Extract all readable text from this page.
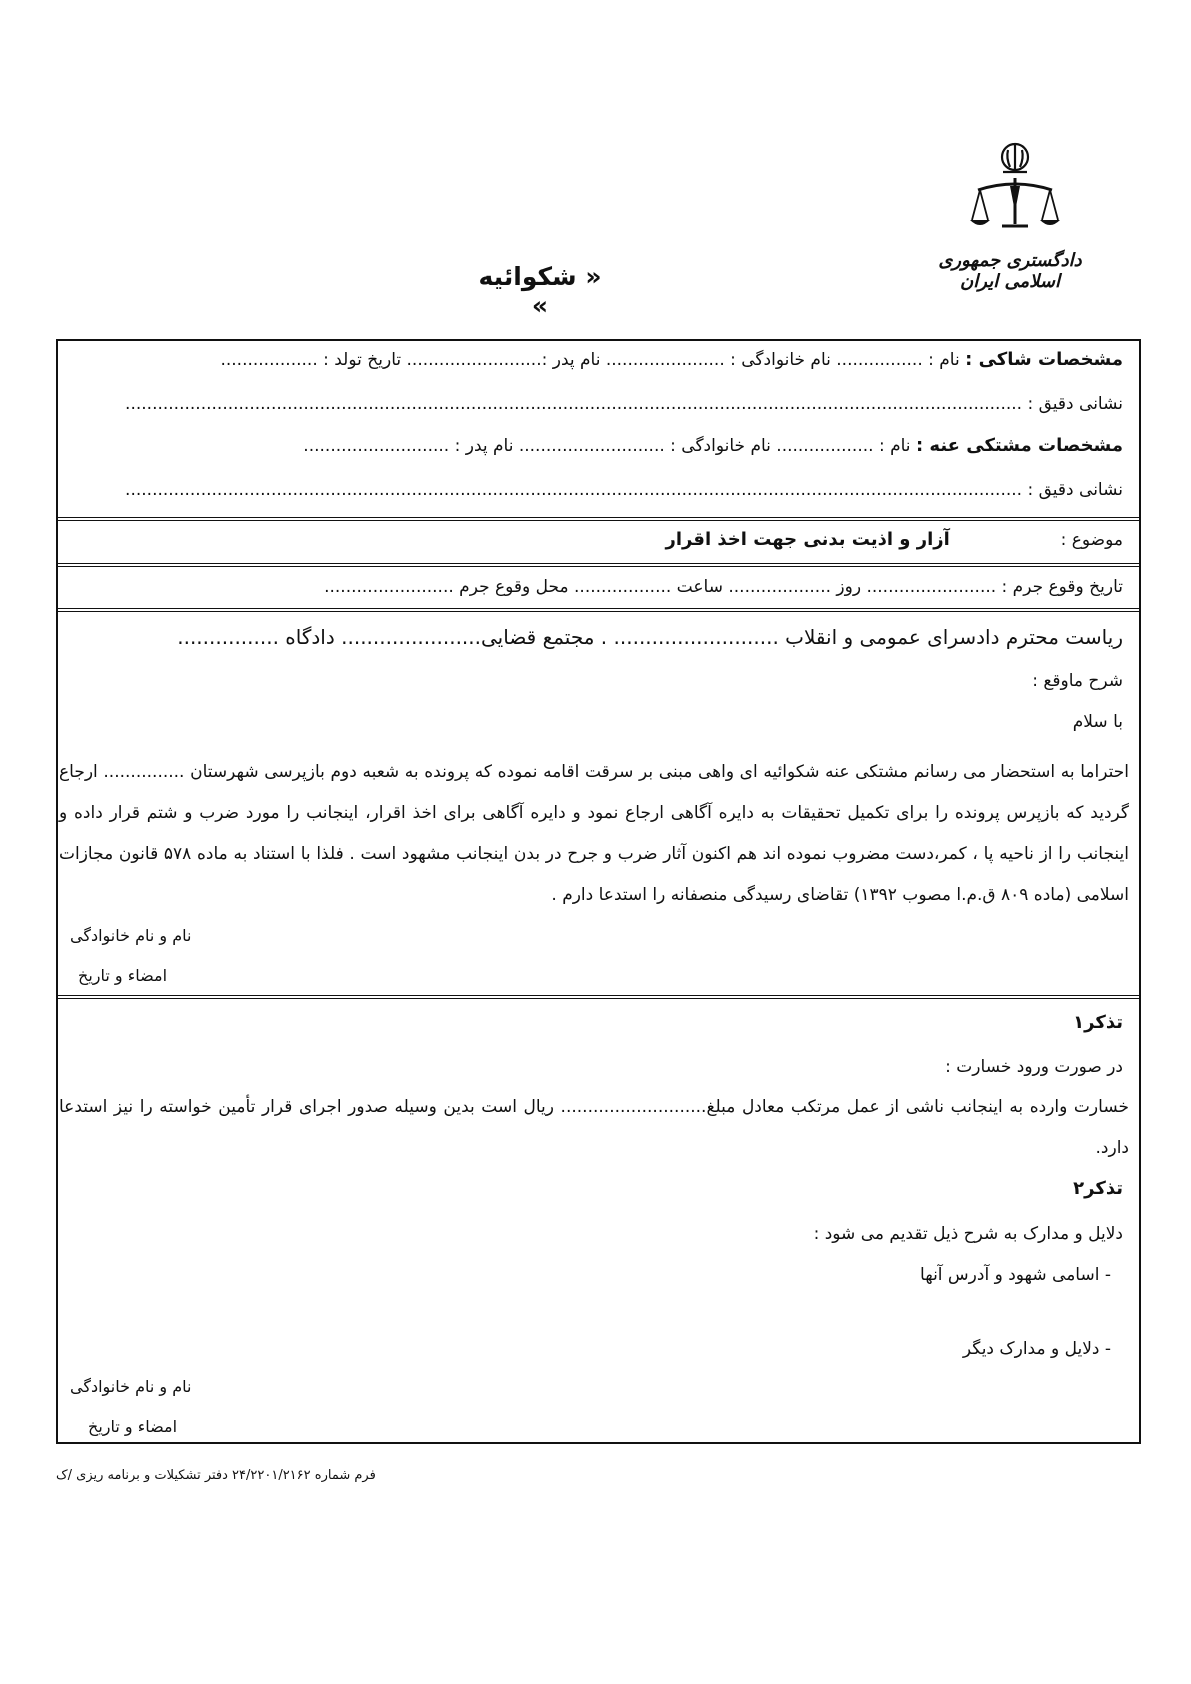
دادگستری جمهوری اسلامی ایران
« شکوائیه »
مشخصات شاکی : نام : ................ نام خانوادگی : ...................... نام پدر :......................... تاریخ تولد : ..................
نشانی دقیق : ......................................................................................................................................................................
مشخصات مشتکی عنه : نام : .................. نام خانوادگی : ........................... نام پدر : ...........................
نشانی دقیق : ......................................................................................................................................................................
موضوع :  آزار و اذیت بدنی جهت اخذ اقرار
تاریخ وقوع جرم : ........................ روز ................... ساعت .................. محل وقوع جرم ........................
ریاست محترم دادسرای عمومی و انقلاب .......................... . مجتمع قضایی...................... دادگاه ................
شرح ماوقع :
با سلام
احتراما به استحضار می رسانم مشتکی عنه شکوائیه ای واهی مبنی بر سرقت اقامه نموده که پرونده به شعبه دوم بازپرسی شهرستان ............... ارجاع گردید که بازپرس پرونده را برای تکمیل تحقیقات به دایره آگاهی ارجاع نمود و دایره آگاهی برای اخذ اقرار، اینجانب را مورد ضرب و شتم قرار داده و اینجانب را از ناحیه پا ، کمر،دست مضروب نموده اند هم اکنون آثار ضرب و جرح در بدن اینجانب مشهود است . فلذا با استناد به ماده ۵۷۸ قانون مجازات اسلامی (ماده ۸۰۹ ق.م.ا مصوب ۱۳۹۲) تقاضای رسیدگی منصفانه را استدعا دارم .
نام و نام خانوادگی
امضاء و تاریخ
تذکر۱
در صورت ورود خسارت :
خسارت وارده به اینجانب ناشی از عمل مرتکب معادل مبلغ........................... ریال است بدین وسیله صدور اجرای قرار تأمین خواسته را نیز استدعا دارد.
تذکر۲
دلایل و مدارک به شرح ذیل تقدیم می شود :
- اسامی شهود و آدرس آنها
- دلایل و مدارک دیگر
نام و نام خانوادگی
امضاء و تاریخ
فرم شماره ۲۴/۲۲۰۱/۲۱۶۲ دفتر تشکیلات و برنامه ریزی /ک
